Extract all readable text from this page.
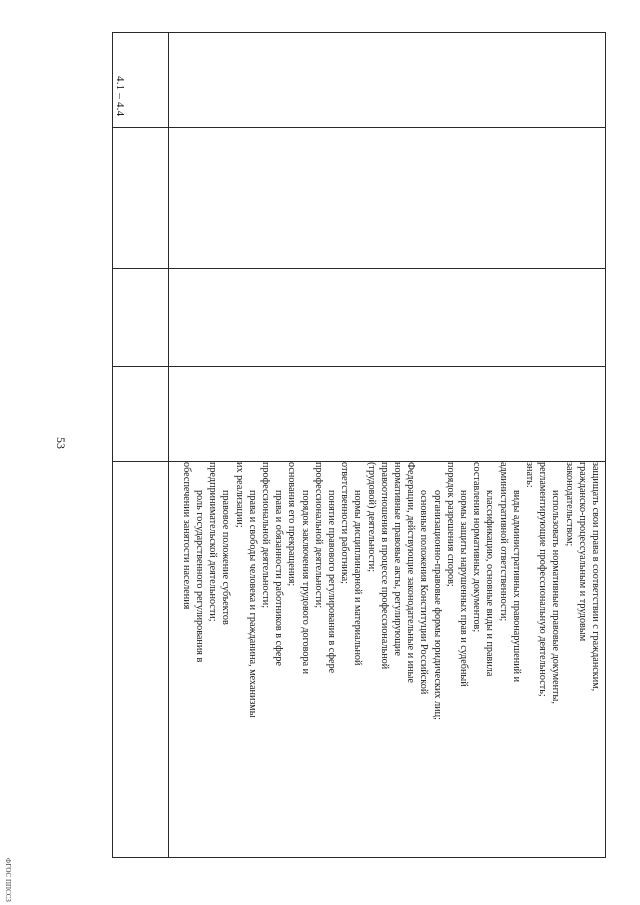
53
4.1 – 4.4
защищать свои права в соответствии с гражданским,
гражданско-процессуальным и трудовым
законодательством;
использовать нормативные правовые документы,
регламентирующие профессиональную деятельность;
знать:
виды административных правонарушений и
административной ответственности;
классификацию, основные виды и правила
составления нормативных документов;
нормы защиты нарушенных прав и судебный
порядок разрешения споров;
организационно-правовые формы юридических лиц;
основные положения Конституции Российской
Федерации, действующие законодательные и иные
нормативные правовые акты, регулирующие
правоотношения в процессе профессиональной
(трудовой) деятельности;
нормы дисциплинарной и материальной
ответственности работника;
понятие правового регулирования в сфере
профессиональной деятельности;
порядок заключения трудового договора и
основания его прекращения;
права и обязанности работников в сфере
профессиональной деятельности;
права и свободы человека и гражданина, механизмы
их реализации;
правовое положение субъектов
предпринимательской деятельности;
роль государственного регулирования в
обеспечении занятости населения
ФГОС ППССЗ
